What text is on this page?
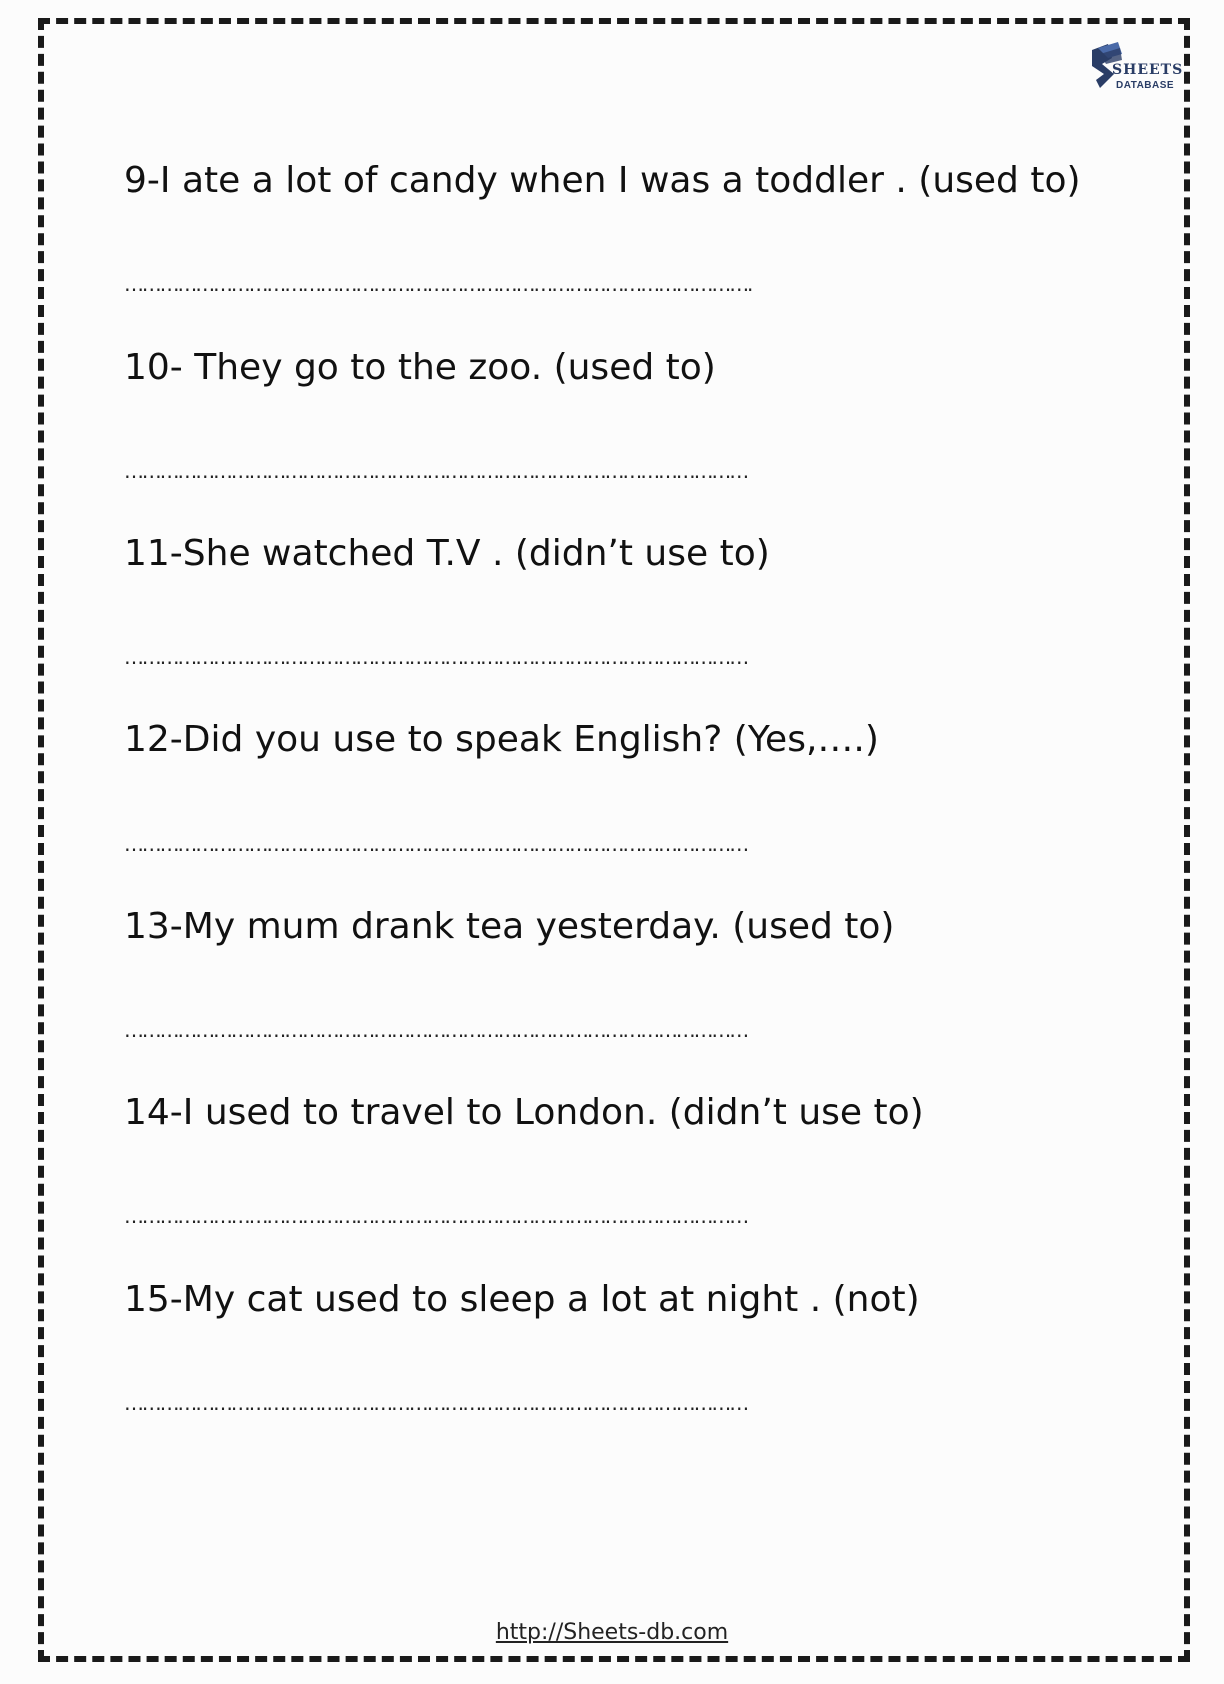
SHEETS
DATABASE
9-I ate a lot of candy when I was a toddler . (used to)
…………………………………………………………………………………………….
10- They go to the zoo. (used to)
……………………………………………………………………………………………
11-She watched T.V . (didn’t use to)
……………………………………………………………………………………………
12-Did you use to speak English? (Yes,….)
……………………………………………………………………………………………
13-My mum drank tea yesterday. (used to)
……………………………………………………………………………………………
14-I used to travel to London. (didn’t use to)
……………………………………………………………………………………………
15-My cat used to sleep a lot at night . (not)
……………………………………………………………………………………………
http://Sheets-db.com
